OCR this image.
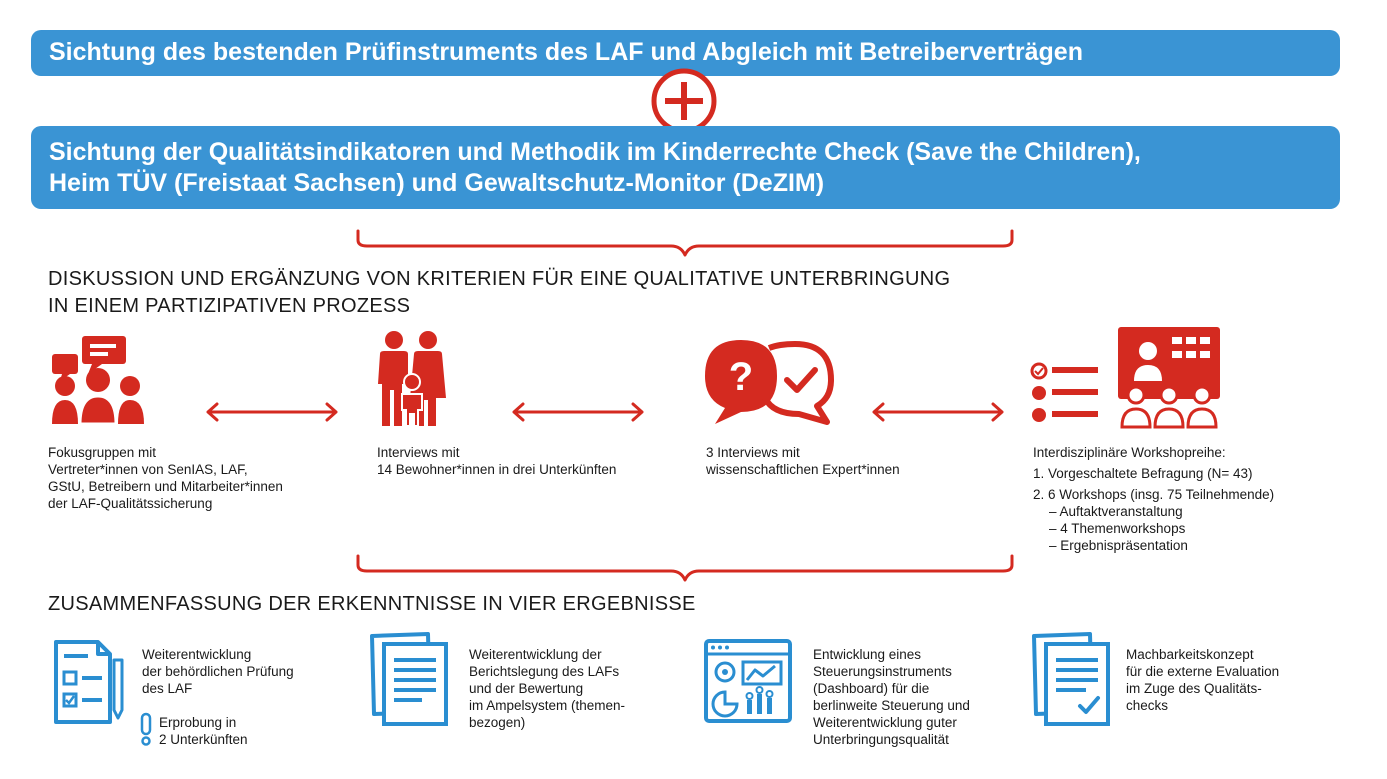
Sichtung des bestenden Prüfinstruments des LAF und Abgleich mit Betreiberverträgen
Sichtung der Qualitätsindikatoren und Methodik im Kinderrechte Check (Save the Children),
Heim TÜV (Freistaat Sachsen) und Gewaltschutz-Monitor (DeZIM)
DISKUSSION UND ERGÄNZUNG VON KRITERIEN FÜR EINE QUALITATIVE UNTERBRINGUNG
IN EINEM PARTIZIPATIVEN PROZESS
?
Fokusgruppen mit
Vertreter*innen von SenIAS, LAF,
GStU, Betreibern und Mitarbeiter*innen
der LAF-Qualitätssicherung
Interviews mit
14 Bewohner*innen in drei Unterkünften
3 Interviews mit
wissenschaftlichen Expert*innen
Interdisziplinäre Workshopreihe:
1. Vorgeschaltete Befragung (N= 43)
2. 6 Workshops (insg. 75 Teilnehmende)
– Auftaktveranstaltung
– 4 Themenworkshops
– Ergebnispräsentation
ZUSAMMENFASSUNG DER ERKENNTNISSE IN VIER ERGEBNISSE
Weiterentwicklung
der behördlichen Prüfung
des LAF
Erprobung in
2 Unterkünften
Weiterentwicklung der
Berichtslegung des LAFs
und der Bewertung
im Ampelsystem (themen-
bezogen)
Entwicklung eines
Steuerungsinstruments
(Dashboard) für die
berlinweite Steuerung und
Weiterentwicklung guter
Unterbringungsqualität
Machbarkeitskonzept
für die externe Evaluation
im Zuge des Qualitäts-
checks
